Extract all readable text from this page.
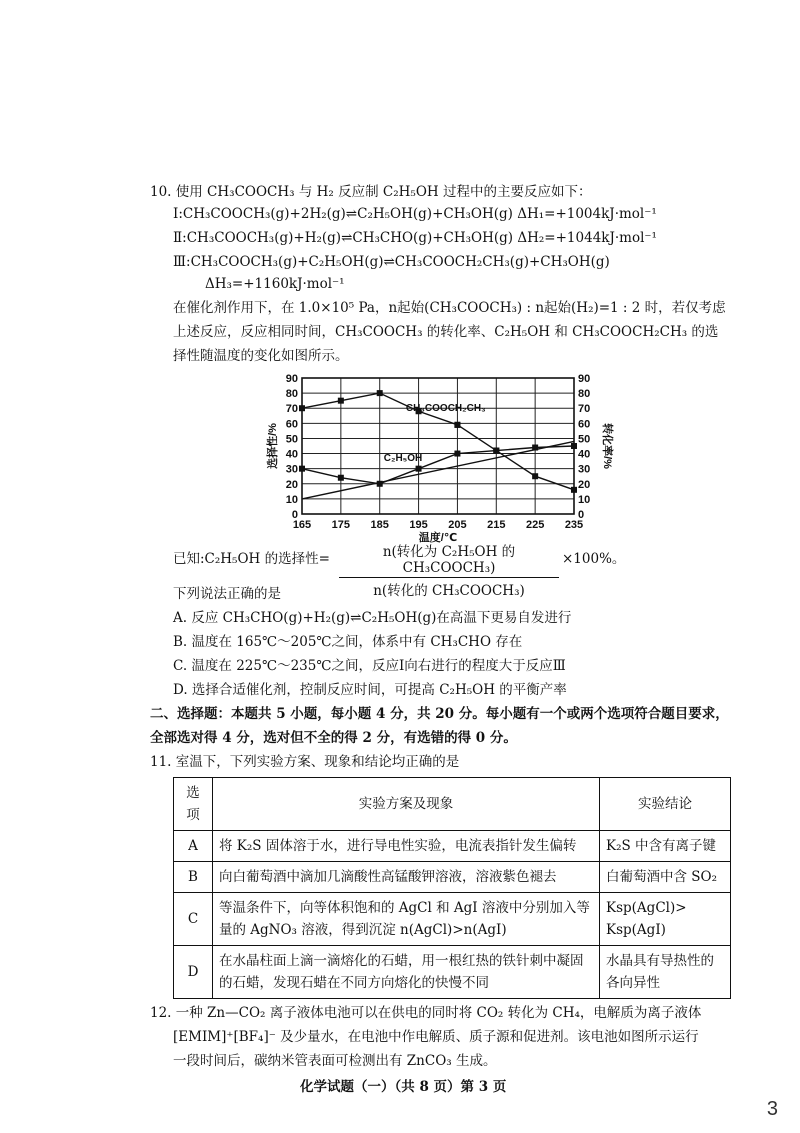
10. 使用 CH₃COOCH₃ 与 H₂ 反应制 C₂H₅OH 过程中的主要反应如下：
Ⅰ:CH₃COOCH₃(g)+2H₂(g)⇌C₂H₅OH(g)+CH₃OH(g) ΔH₁=+1004kJ·mol⁻¹
Ⅱ:CH₃COOCH₃(g)+H₂(g)⇌CH₃CHO(g)+CH₃OH(g) ΔH₂=+1044kJ·mol⁻¹
Ⅲ:CH₃COOCH₃(g)+C₂H₅OH(g)⇌CH₃COOCH₂CH₃(g)+CH₃OH(g)
ΔH₃=+1160kJ·mol⁻¹
在催化剂作用下，在 1.0×10⁵ Pa，n起始(CH₃COOCH₃) : n起始(H₂)=1 : 2 时，若仅考虑
上述反应，反应相同时间，CH₃COOCH₃ 的转化率、C₂H₅OH 和 CH₃COOCH₂CH₃ 的选
择性随温度的变化如图所示。
0	0
10	10
20	20
30	30
40	40
50	50
60	60
70	70
80	80
90	90
165 175 185 195 205 215 225 235
温度/℃
选择性/%	转化率/%
CH₃COOCH₂CH₃
C₂H₅OH
已知:C₂H₅OH 的选择性=	n(转化为 C₂H₅OH 的 CH₃COOCH₃)
n(转化的 CH₃COOCH₃)
×100%。
下列说法正确的是
A. 反应 CH₃CHO(g)+H₂(g)⇌C₂H₅OH(g)在高温下更易自发进行
B. 温度在 165℃～205℃之间，体系中有 CH₃CHO 存在
C. 温度在 225℃～235℃之间，反应Ⅰ向右进行的程度大于反应Ⅲ
D. 选择合适催化剂，控制反应时间，可提高 C₂H₅OH 的平衡产率
二、选择题：本题共 5 小题，每小题 4 分，共 20 分。每小题有一个或两个选项符合题目要求，
全部选对得 4 分，选对但不全的得 2 分，有选错的得 0 分。
11. 室温下，下列实验方案、现象和结论均正确的是
选项	实验方案及现象	实验结论
A	将 K₂S 固体溶于水，进行导电性实验，电流表指针发生偏转	K₂S 中含有离子键
B	向白葡萄酒中滴加几滴酸性高锰酸钾溶液，溶液紫色褪去	白葡萄酒中含 SO₂
C	等温条件下，向等体积饱和的 AgCl 和 AgI 溶液中分别加入等量的 AgNO₃ 溶液，得到沉淀 n(AgCl)>n(AgI)	Ksp(AgCl)> Ksp(AgI)
D	在水晶柱面上滴一滴熔化的石蜡，用一根红热的铁针刺中凝固的石蜡，发现石蜡在不同方向熔化的快慢不同	水晶具有导热性的各向异性
12. 一种 Zn—CO₂ 离子液体电池可以在供电的同时将 CO₂ 转化为 CH₄，电解质为离子液体
[EMIM]⁺[BF₄]⁻ 及少量水，在电池中作电解质、质子源和促进剂。该电池如图所示运行
一段时间后，碳纳米管表面可检测出有 ZnCO₃ 生成。
化学试题（一）（共 8 页）第 3 页
3
